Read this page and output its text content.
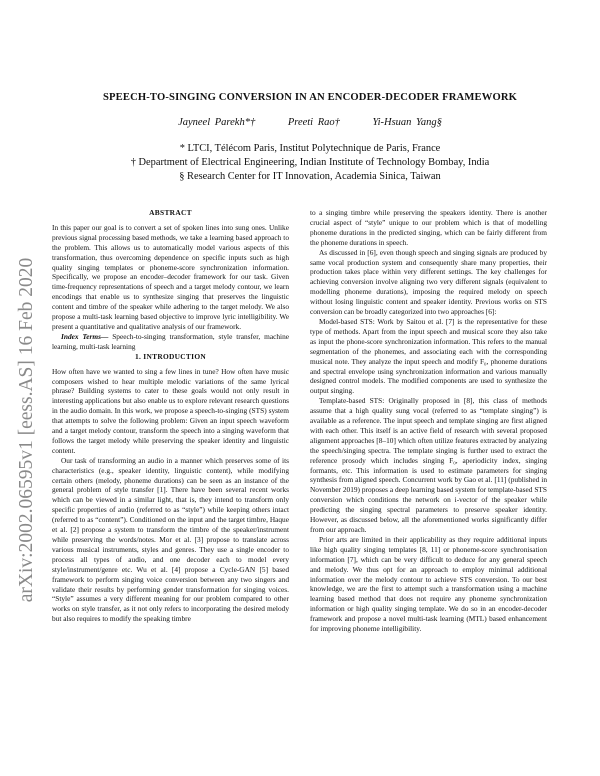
SPEECH-TO-SINGING CONVERSION IN AN ENCODER-DECODER FRAMEWORK
Jayneel Parekh*†	Preeti Rao†	Yi-Hsuan Yang§
* LTCI, Télécom Paris, Institut Polytechnique de Paris, France
† Department of Electrical Engineering, Indian Institute of Technology Bombay, India
§ Research Center for IT Innovation, Academia Sinica, Taiwan
arXiv:2002.06595v1 [eess.AS] 16 Feb 2020
ABSTRACT

In this paper our goal is to convert a set of spoken lines into sung ones. Unlike previous signal processing based methods, we take a learning based approach to the problem. This allows us to automatically model various aspects of this transformation, thus overcoming dependence on specific inputs such as high quality singing templates or phoneme-score synchronization information. Specifically, we propose an encoder–decoder framework for our task. Given time-frequency representations of speech and a target melody contour, we learn encodings that enable us to synthesize singing that preserves the linguistic content and timbre of the speaker while adhering to the target melody. We also propose a multi-task learning based objective to improve lyric intelligibility. We present a quantitative and qualitative analysis of our framework.

Index Terms— Speech-to-singing transformation, style transfer, machine learning, multi-task learning

1. INTRODUCTION

How often have we wanted to sing a few lines in tune? How often have music composers wished to hear multiple melodic variations of the same lyrical phrase? Building systems to cater to these goals would not only result in interesting applications but also enable us to explore relevant research questions in the audio domain. In this work, we propose a speech-to-singing (STS) system that attempts to solve the following problem: Given an input speech waveform and a target melody contour, transform the speech into a singing waveform that follows the target melody while preserving the speaker identity and linguistic content.

Our task of transforming an audio in a manner which preserves some of its characteristics (e.g., speaker identity, linguistic content), while modifying certain others (melody, phoneme durations) can be seen as an instance of the general problem of style transfer [1]. There have been several recent works which can be viewed in a similar light, that is, they intend to transform only specific properties of audio (referred to as “style”) while keeping others intact (referred to as “content”). Conditioned on the input and the target timbre, Haque et al. [2] propose a system to transform the timbre of the speaker/instrument while preserving the words/notes. Mor et al. [3] propose to translate across various musical instruments, styles and genres. They use a single encoder to process all types of audio, and one decoder each to model every style/instrument/genre etc. Wu et al. [4] propose a Cycle-GAN [5] based framework to perform singing voice conversion between any two singers and validate their results by performing gender transformation for singing voices. “Style” assumes a very different meaning for our problem compared to other works on style transfer, as it not only refers to incorporating the desired melody but also requires to modify the speaking timbre

to a singing timbre while preserving the speakers identity. There is another crucial aspect of “style” unique to our problem which is that of modelling phoneme durations in the predicted singing, which can be fairly different from the phoneme durations in speech.

As discussed in [6], even though speech and singing signals are produced by same vocal production system and consequently share many properties, their production takes place within very different settings. The key challenges for achieving conversion involve aligning two very different signals (equivalent to modelling phoneme durations), imposing the required melody on speech without losing linguistic content and speaker identity. Previous works on STS conversion can be broadly categorized into two approaches [6]:

Model-based STS: Work by Saitou et al. [7] is the representative for these type of methods. Apart from the input speech and musical score they also take as input the phone-score synchronization information. This refers to the manual segmentation of the phonemes, and associating each with the corresponding musical note. They analyze the input speech and modify F₀, phoneme durations and spectral envelope using synchronization information and various manually designed control models. The modified components are used to synthesize the output singing.

Template-based STS: Originally proposed in [8], this class of methods assume that a high quality sung vocal (referred to as “template singing”) is available as a reference. The input speech and template singing are first aligned with each other. This itself is an active field of research with several proposed alignment approaches [8–10] which often utilize features extracted by analyzing the speech/singing spectra. The template singing is further used to extract the reference prosody which includes singing F₀, aperiodicity index, singing formants, etc. This information is used to estimate parameters for singing synthesis from aligned speech. Concurrent work by Gao et al. [11] (published in November 2019) proposes a deep learning based system for template-based STS conversion which conditions the network on i-vector of the speaker while predicting the singing spectral parameters to preserve speaker identity. However, as discussed below, all the aforementioned works significantly differ from our approach.

Prior arts are limited in their applicability as they require additional inputs like high quality singing templates [8, 11] or phoneme-score synchronisation information [7], which can be very difficult to deduce for any general speech and melody. We thus opt for an approach to employ minimal additional information over the melody contour to achieve STS conversion. To our best knowledge, we are the first to attempt such a transformation using a machine learning based method that does not require any phoneme synchronization information or high quality singing template. We do so in an encoder-decoder framework and propose a novel multi-task learning (MTL) based enhancement for improving phoneme intelligibility.
